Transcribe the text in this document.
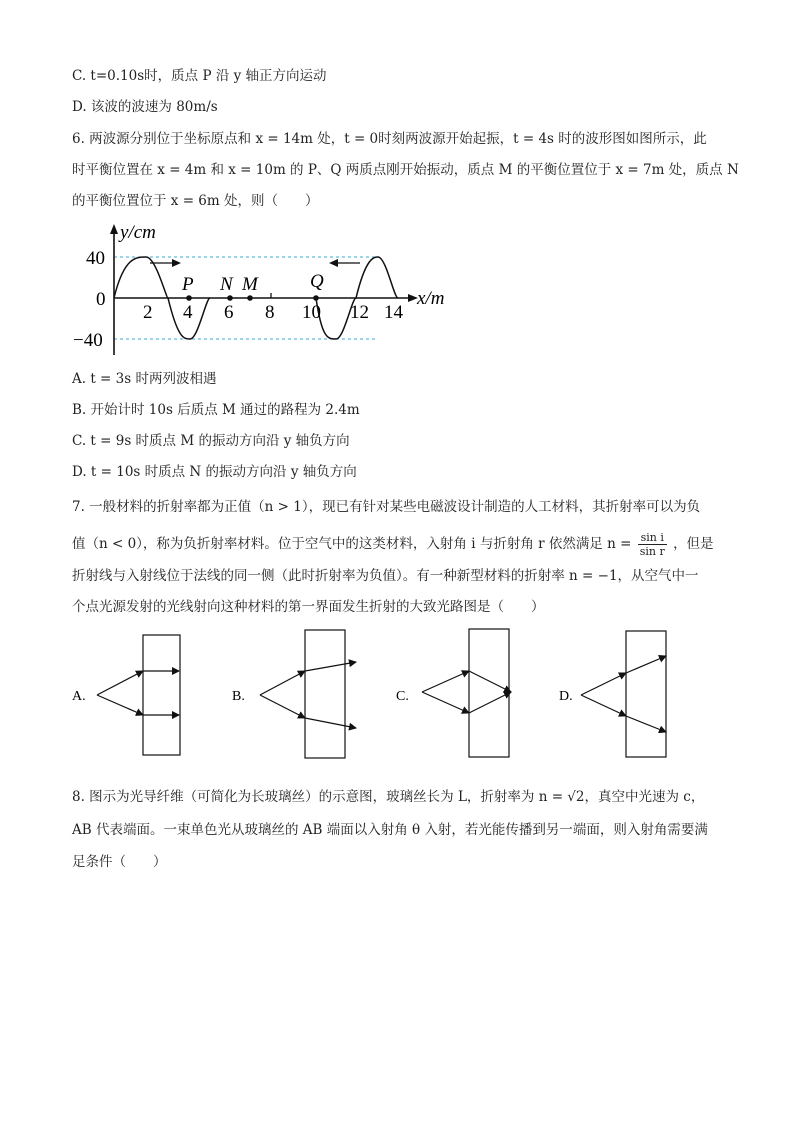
C. t=0.10s时，质点 P 沿 y 轴正方向运动
D. 该波的波速为 80m/s
6. 两波源分别位于坐标原点和 x = 14m 处，t = 0时刻两波源开始起振，t = 4s 时的波形图如图所示，此
时平衡位置在 x = 4m 和 x = 10m 的 P、Q 两质点刚开始振动，质点 M 的平衡位置位于 x = 7m 处，质点 N
的平衡位置位于 x = 6m 处，则（　　）
P N M	Q
y/cm
x/m
40
0
−40
2 4 6 8 10 12 14
A. t = 3s 时两列波相遇
B. 开始计时 10s 后质点 M 通过的路程为 2.4m
C. t = 9s 时质点 M 的振动方向沿 y 轴负方向
D. t = 10s 时质点 N 的振动方向沿 y 轴负方向
7. 一般材料的折射率都为正值（n > 1），现已有针对某些电磁波设计制造的人工材料，其折射率可以为负
值（n < 0），称为负折射率材料。位于空气中的这类材料，入射角 i 与折射角 r 依然满足 $n = \frac{\text{sin i}}{\text{sin r}}$ ，但是
折射线与入射线位于法线的同一侧（此时折射率为负值）。有一种新型材料的折射率 n = −1，从空气中一
个点光源发射的光线射向这种材料的第一界面发生折射的大致光路图是（　　）
A.	B.	C.	D.
8. 图示为光导纤维（可简化为长玻璃丝）的示意图，玻璃丝长为 L，折射率为 n = √2，真空中光速为 c，
AB 代表端面。一束单色光从玻璃丝的 AB 端面以入射角 θ 入射，若光能传播到另一端面，则入射角需要满
足条件（　　）
